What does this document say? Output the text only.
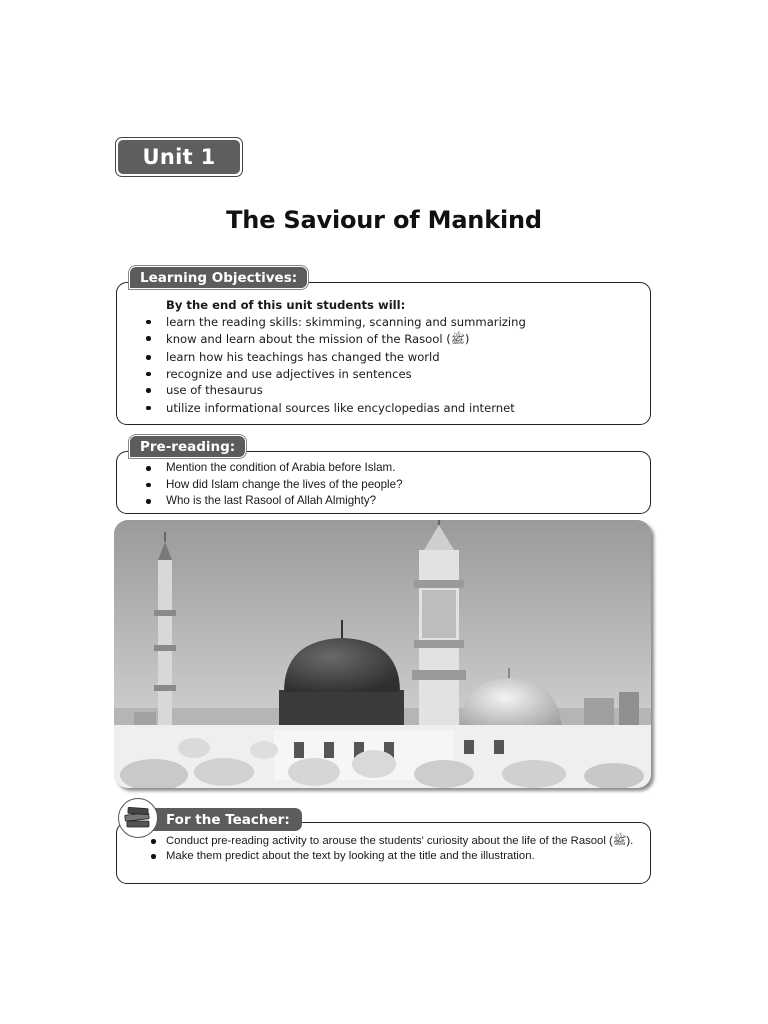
Unit 1
The Saviour of Mankind
By the end of this unit students will:
learn the reading skills: skimming, scanning and summarizing
know and learn about the mission of the Rasool (ﷺ)
learn how his teachings has changed the world
recognize and use adjectives in sentences
use of thesaurus
utilize informational sources like encyclopedias and internet
Learning Objectives:
Mention the condition of Arabia before Islam.
How did Islam change the lives of the people?
Who is the last Rasool of Allah Almighty?
Pre-reading:
Conduct pre-reading activity to arouse the students' curiosity about the life of the Rasool (ﷺ).
Make them predict about the text by looking at the title and the illustration.
For the Teacher:
